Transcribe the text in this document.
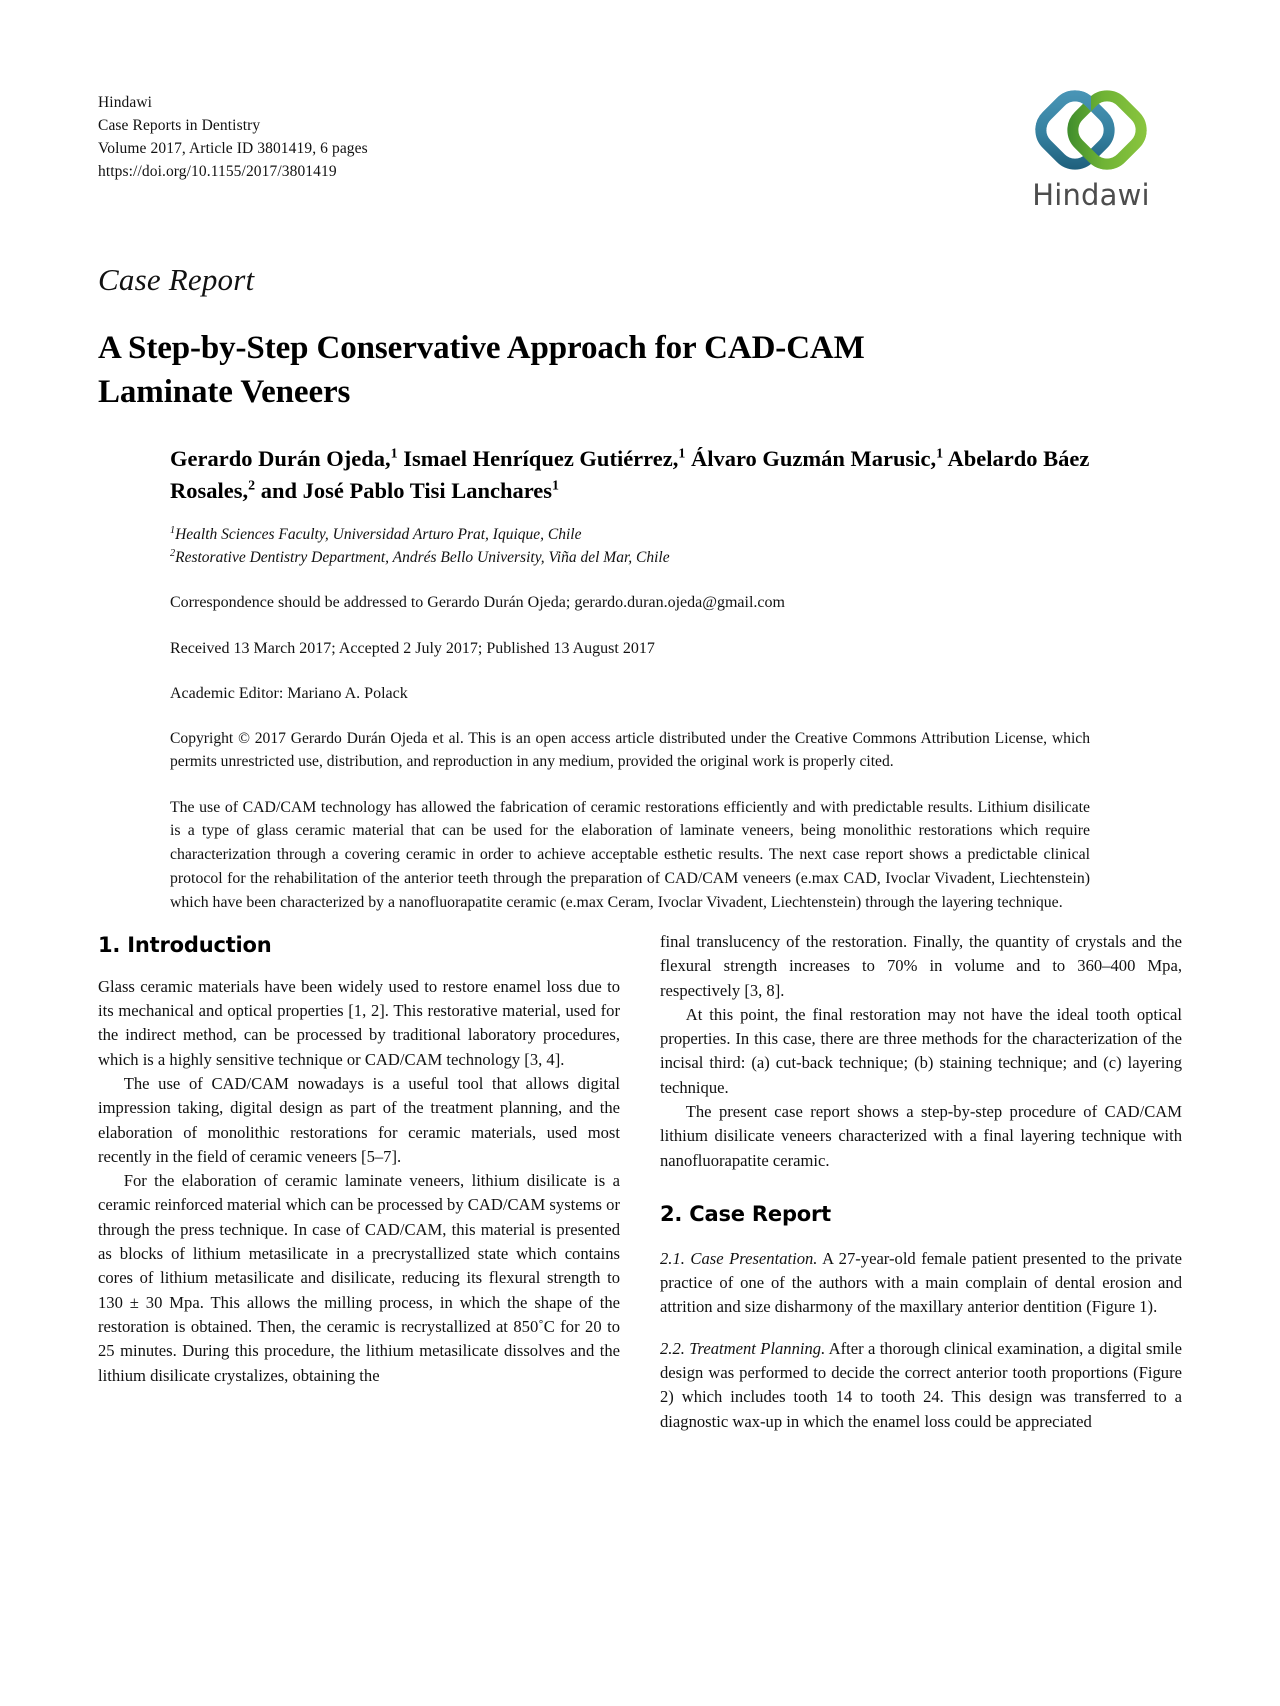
Hindawi
Case Reports in Dentistry
Volume 2017, Article ID 3801419, 6 pages
https://doi.org/10.1155/2017/3801419
Hindawi
Case Report
A Step-by-Step Conservative Approach for CAD-CAM Laminate Veneers
Gerardo Durán Ojeda,$^1$ Ismael Henríquez Gutiérrez,$^1$ Álvaro Guzmán Marusic,$^1$ Abelardo Báez Rosales,$^2$ and José Pablo Tisi Lanchares$^1$
$^1$Health Sciences Faculty, Universidad Arturo Prat, Iquique, Chile
$^2$Restorative Dentistry Department, Andrés Bello University, Viña del Mar, Chile
Correspondence should be addressed to Gerardo Durán Ojeda; gerardo.duran.ojeda@gmail.com
Received 13 March 2017; Accepted 2 July 2017; Published 13 August 2017
Academic Editor: Mariano A. Polack
Copyright © 2017 Gerardo Durán Ojeda et al. This is an open access article distributed under the Creative Commons Attribution License, which permits unrestricted use, distribution, and reproduction in any medium, provided the original work is properly cited.
The use of CAD/CAM technology has allowed the fabrication of ceramic restorations efficiently and with predictable results. Lithium disilicate is a type of glass ceramic material that can be used for the elaboration of laminate veneers, being monolithic restorations which require characterization through a covering ceramic in order to achieve acceptable esthetic results. The next case report shows a predictable clinical protocol for the rehabilitation of the anterior teeth through the preparation of CAD/CAM veneers (e.max CAD, Ivoclar Vivadent, Liechtenstein) which have been characterized by a nanofluorapatite ceramic (e.max Ceram, Ivoclar Vivadent, Liechtenstein) through the layering technique.
1. Introduction

Glass ceramic materials have been widely used to restore enamel loss due to its mechanical and optical properties [1, 2]. This restorative material, used for the indirect method, can be processed by traditional laboratory procedures, which is a highly sensitive technique or CAD/CAM technology [3, 4].

The use of CAD/CAM nowadays is a useful tool that allows digital impression taking, digital design as part of the treatment planning, and the elaboration of monolithic restorations for ceramic materials, used most recently in the field of ceramic veneers [5–7].

For the elaboration of ceramic laminate veneers, lithium disilicate is a ceramic reinforced material which can be processed by CAD/CAM systems or through the press technique. In case of CAD/CAM, this material is presented as blocks of lithium metasilicate in a precrystallized state which contains cores of lithium metasilicate and disilicate, reducing its flexural strength to 130 ± 30 Mpa. This allows the milling process, in which the shape of the restoration is obtained. Then, the ceramic is recrystallized at 850˚C for 20 to 25 minutes. During this procedure, the lithium metasilicate dissolves and the lithium disilicate crystalizes, obtaining the

final translucency of the restoration. Finally, the quantity of crystals and the flexural strength increases to 70% in volume and to 360–400 Mpa, respectively [3, 8].

At this point, the final restoration may not have the ideal tooth optical properties. In this case, there are three methods for the characterization of the incisal third: (a) cut-back technique; (b) staining technique; and (c) layering technique.

The present case report shows a step-by-step procedure of CAD/CAM lithium disilicate veneers characterized with a final layering technique with nanofluorapatite ceramic.

2. Case Report

2.1. Case Presentation. A 27-year-old female patient presented to the private practice of one of the authors with a main complain of dental erosion and attrition and size disharmony of the maxillary anterior dentition (Figure 1).

2.2. Treatment Planning. After a thorough clinical examination, a digital smile design was performed to decide the correct anterior tooth proportions (Figure 2) which includes tooth 14 to tooth 24. This design was transferred to a diagnostic wax-up in which the enamel loss could be appreciated
